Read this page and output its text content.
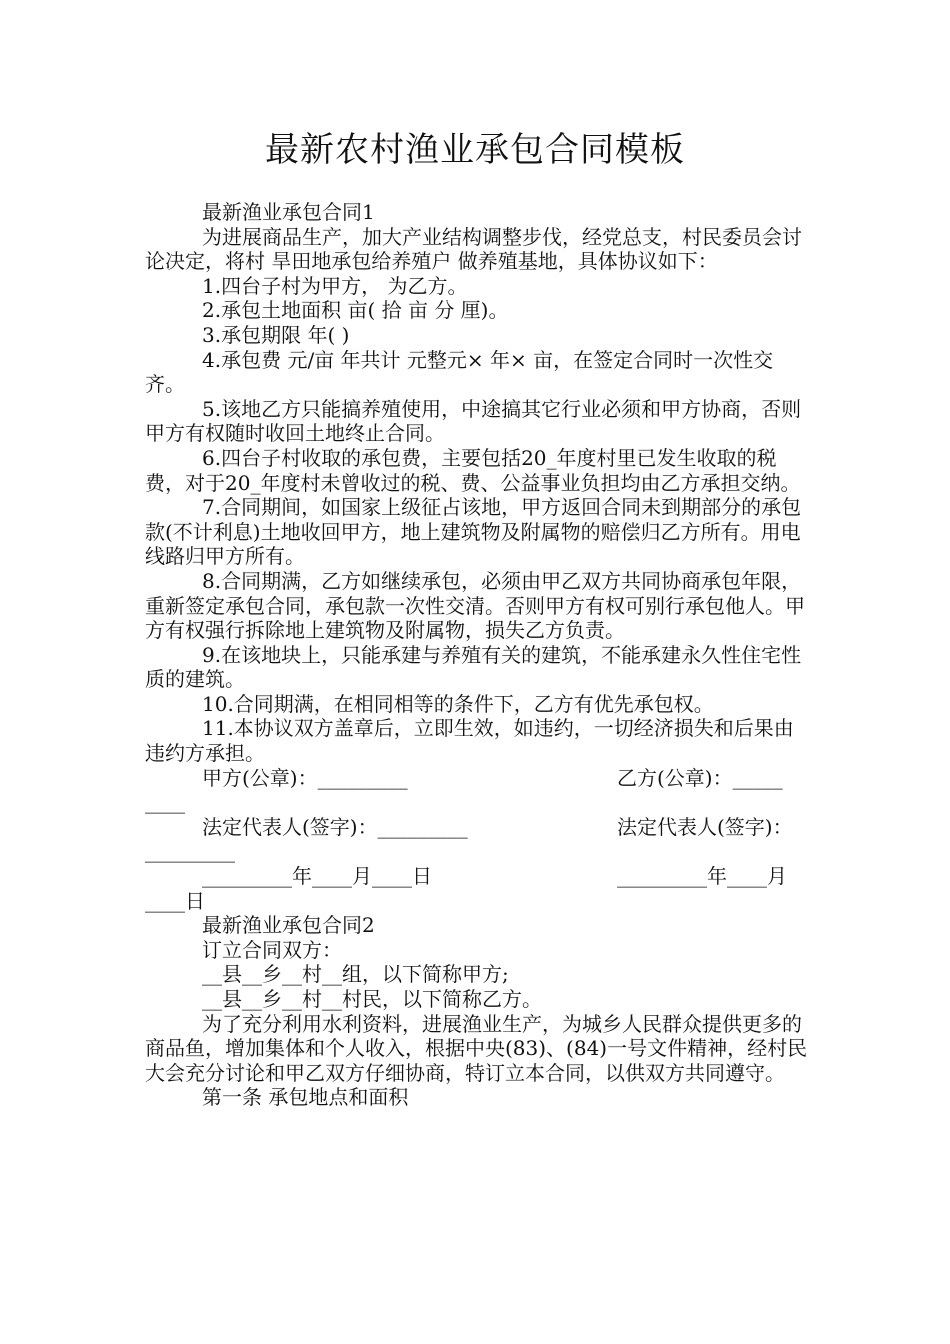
最新农村渔业承包合同模板

最新渔业承包合同1

为进展商品生产，加大产业结构调整步伐，经党总支，村民委员会讨论决定，将村 旱田地承包给养殖户 做养殖基地，具体协议如下：

1.四台子村为甲方， 为乙方。

2.承包土地面积 亩( 拾 亩 分 厘)。

3.承包期限 年( )

4.承包费 元/亩 年共计 元整元× 年× 亩，在签定合同时一次性交齐。

5.该地乙方只能搞养殖使用，中途搞其它行业必须和甲方协商，否则甲方有权随时收回土地终止合同。

6.四台子村收取的承包费，主要包括20_年度村里已发生收取的税费，对于20_年度村未曾收过的税、费、公益事业负担均由乙方承担交纳。

7.合同期间，如国家上级征占该地，甲方返回合同未到期部分的承包款(不计利息)土地收回甲方，地上建筑物及附属物的赔偿归乙方所有。用电线路归甲方所有。

8.合同期满，乙方如继续承包，必须由甲乙双方共同协商承包年限，重新签定承包合同，承包款一次性交清。否则甲方有权可别行承包他人。甲方有权强行拆除地上建筑物及附属物，损失乙方负责。

9.在该地块上，只能承建与养殖有关的建筑，不能承建永久性住宅性质的建筑。

10.合同期满，在相同相等的条件下，乙方有优先承包权。

11.本协议双方盖章后，立即生效，如违约，一切经济损失和后果由违约方承担。

甲方(公章)：_________	乙方(公章)：_____
____
法定代表人(签字)：_________	法定代表人(签字)：
_________
_________年____月____日	_________年____月
____日

最新渔业承包合同2

订立合同双方：

__县__乡__村__组，以下简称甲方;

__县__乡__村__村民，以下简称乙方。

为了充分利用水利资料，进展渔业生产，为城乡人民群众提供更多的商品鱼，增加集体和个人收入，根据中央(83)、(84)一号文件精神，经村民大会充分讨论和甲乙双方仔细协商，特订立本合同，以供双方共同遵守。

第一条 承包地点和面积
